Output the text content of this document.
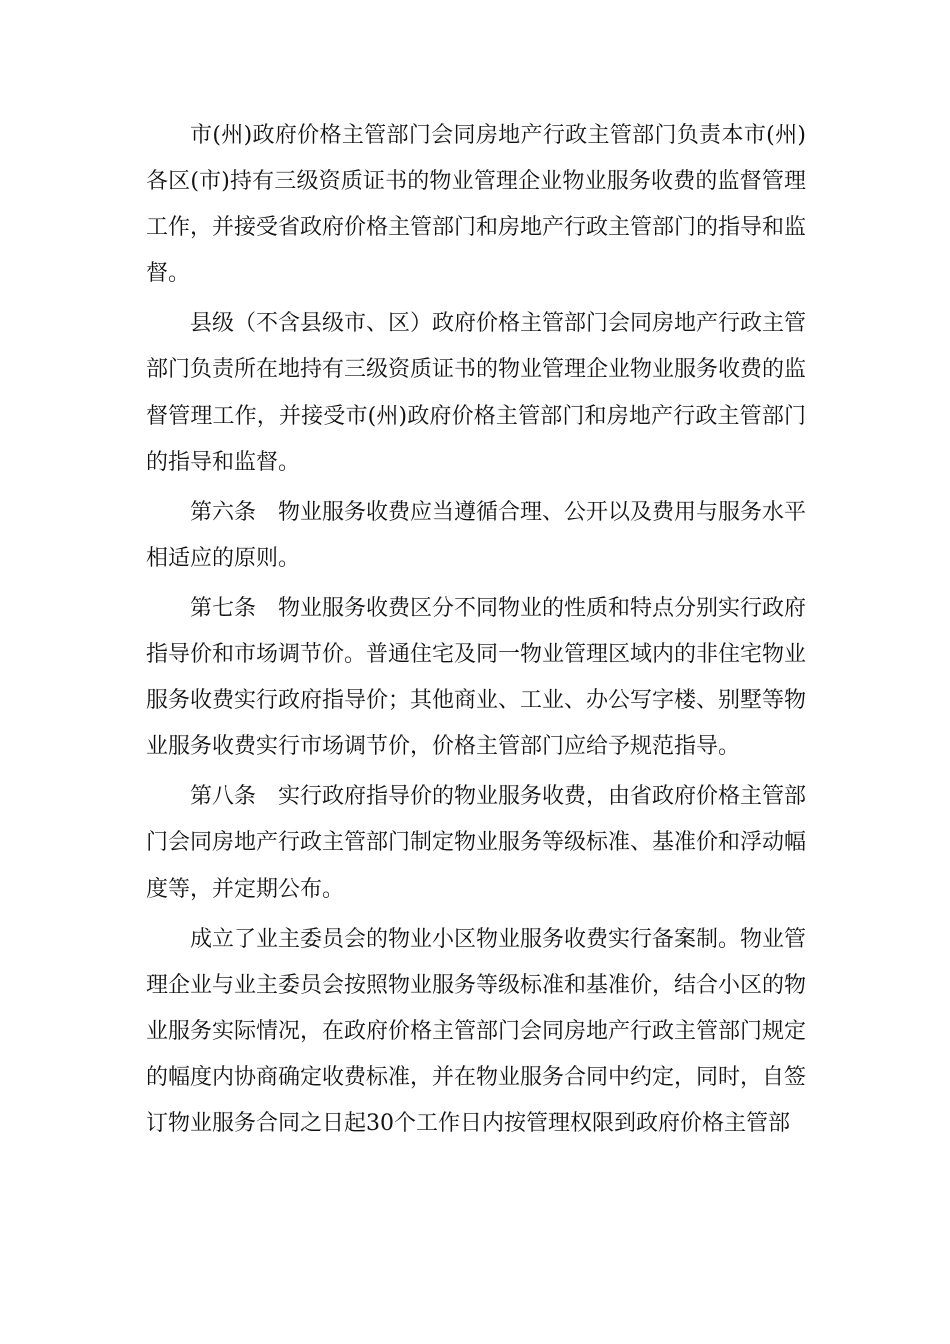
市(州)政府价格主管部门会同房地产行政主管部门负责本市(州)各区(市)持有三级资质证书的物业管理企业物业服务收费的监督管理工作，并接受省政府价格主管部门和房地产行政主管部门的指导和监督。

县级（不含县级市、区）政府价格主管部门会同房地产行政主管部门负责所在地持有三级资质证书的物业管理企业物业服务收费的监督管理工作，并接受市(州)政府价格主管部门和房地产行政主管部门的指导和监督。

第六条　物业服务收费应当遵循合理、公开以及费用与服务水平相适应的原则。

第七条　物业服务收费区分不同物业的性质和特点分别实行政府指导价和市场调节价。普通住宅及同一物业管理区域内的非住宅物业服务收费实行政府指导价；其他商业、工业、办公写字楼、别墅等物业服务收费实行市场调节价，价格主管部门应给予规范指导。

第八条　实行政府指导价的物业服务收费，由省政府价格主管部门会同房地产行政主管部门制定物业服务等级标准、基准价和浮动幅度等，并定期公布。

成立了业主委员会的物业小区物业服务收费实行备案制。物业管理企业与业主委员会按照物业服务等级标准和基准价，结合小区的物业服务实际情况，在政府价格主管部门会同房地产行政主管部门规定的幅度内协商确定收费标准，并在物业服务合同中约定，同时，自签订物业服务合同之日起30个工作日内按管理权限到政府价格主管部
